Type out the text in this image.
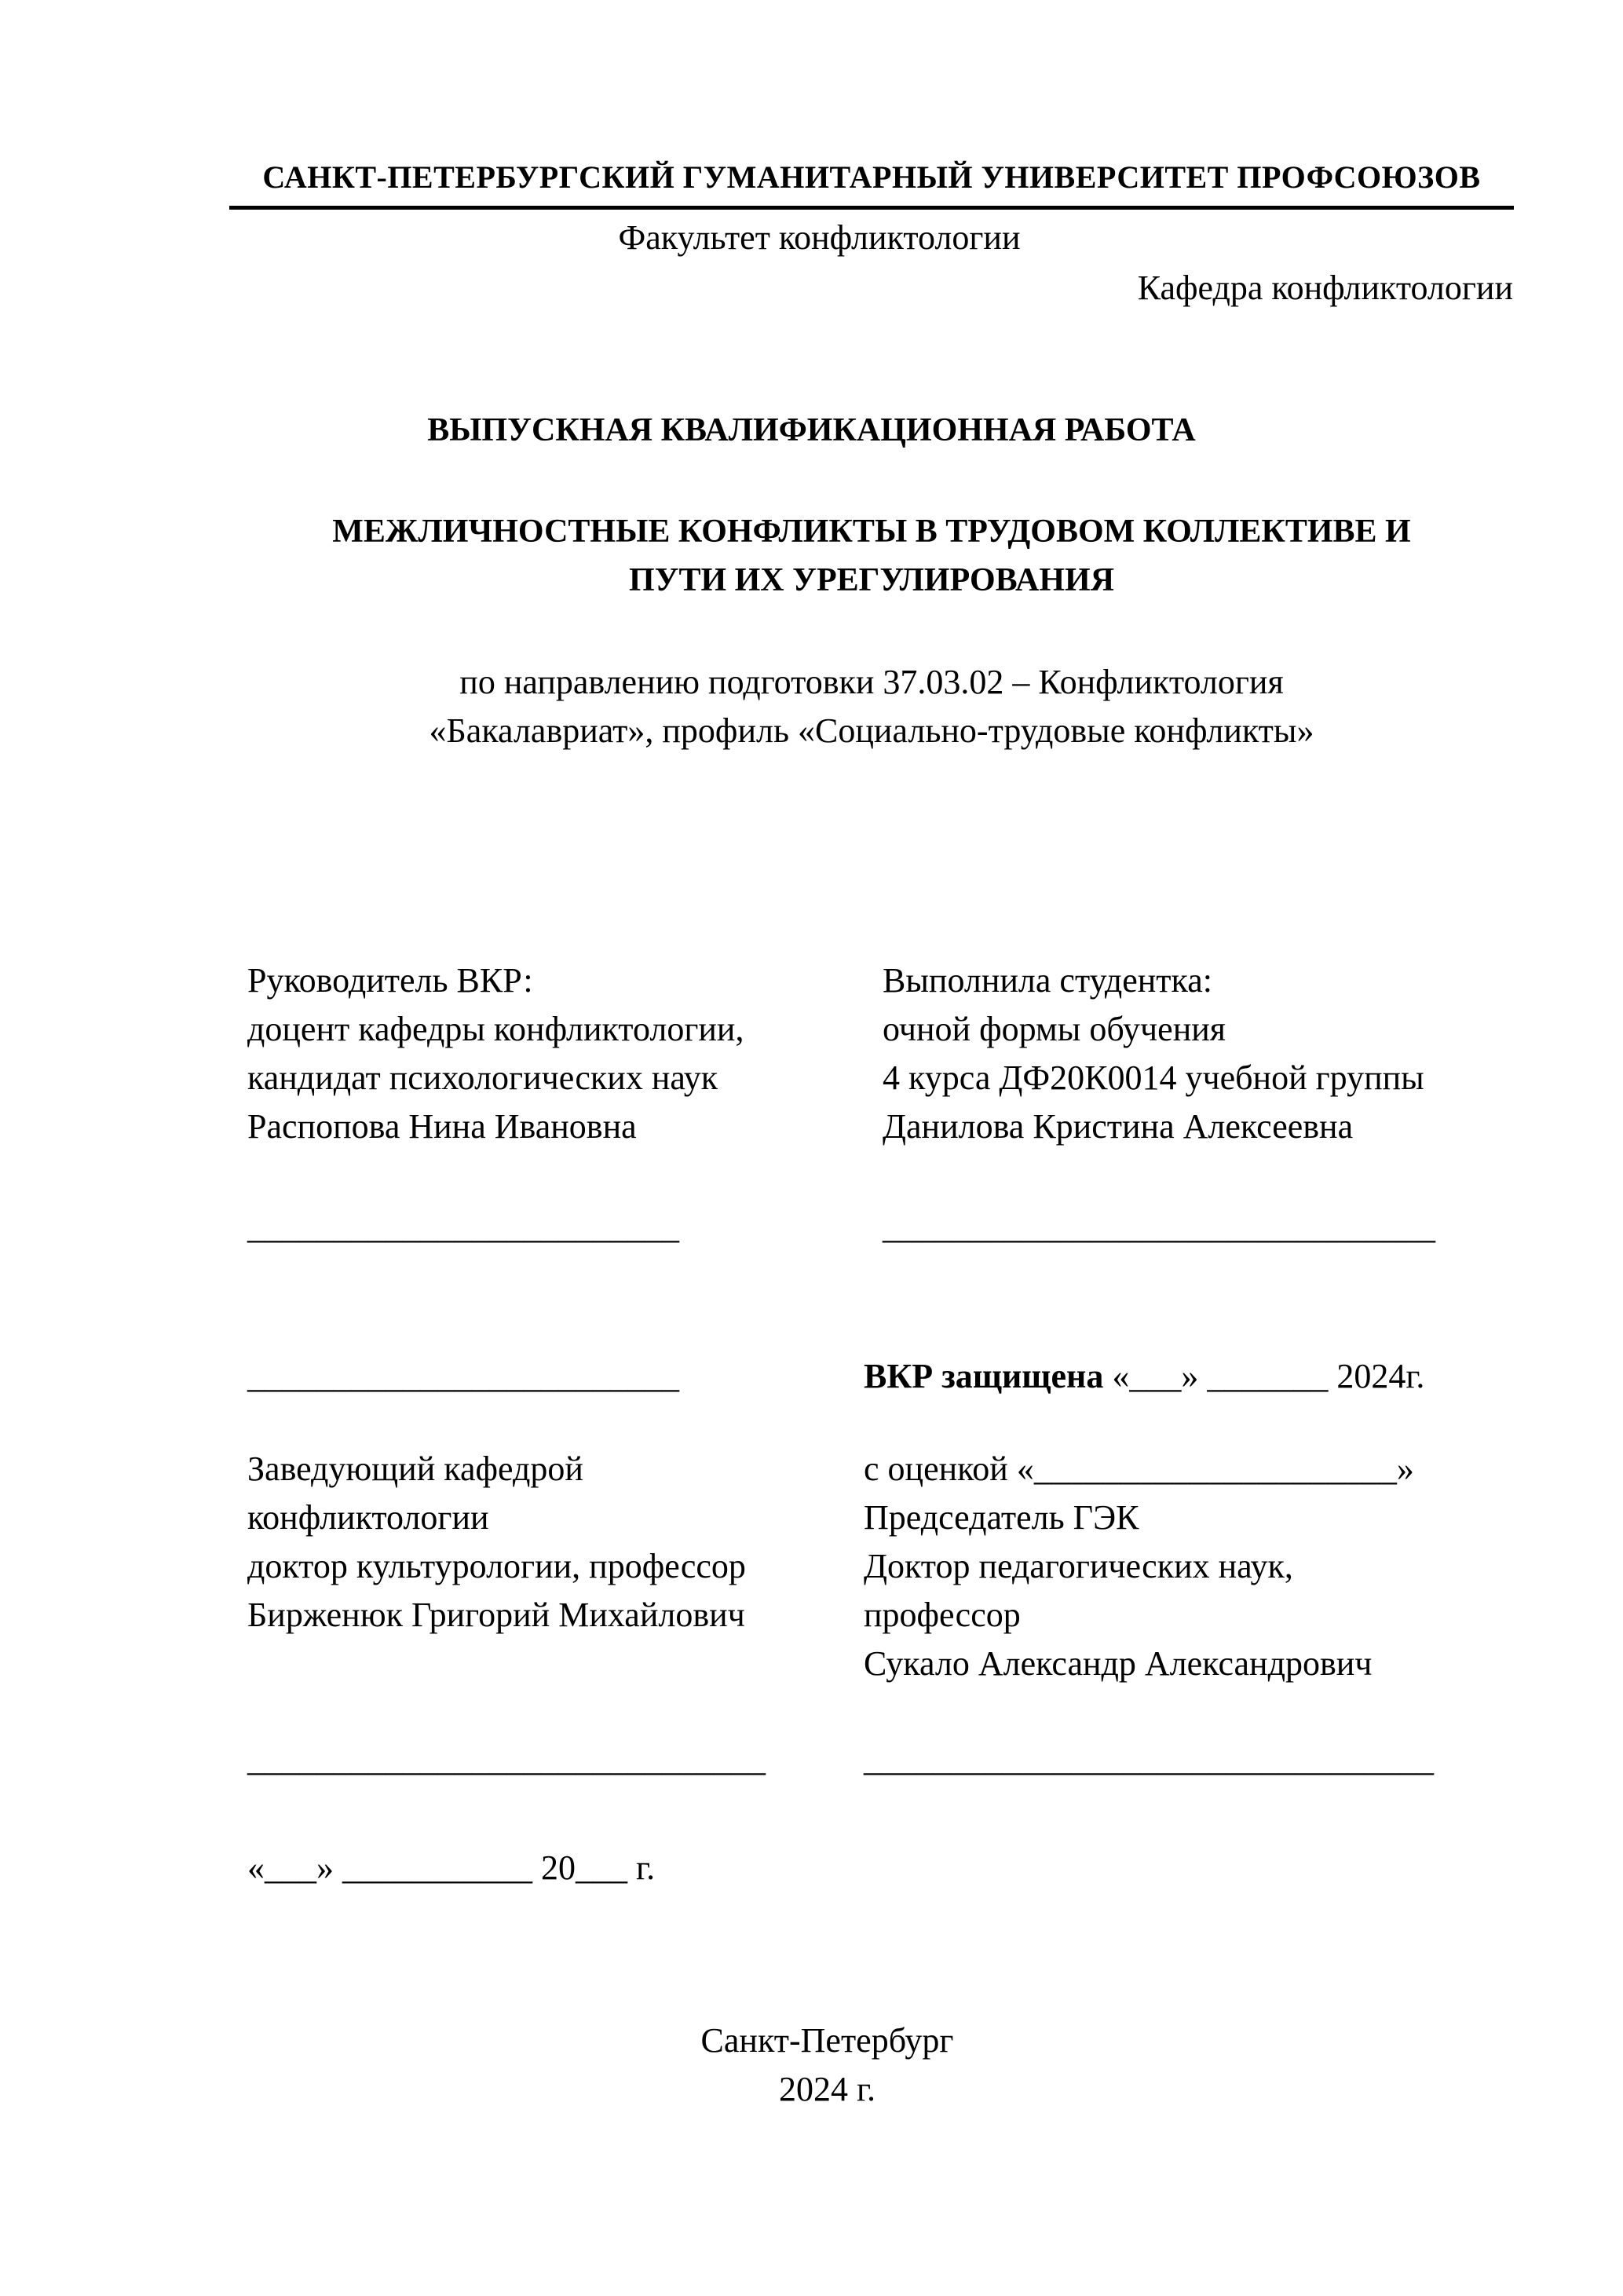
САНКТ-ПЕТЕРБУРГСКИЙ ГУМАНИТАРНЫЙ УНИВЕРСИТЕТ ПРОФСОЮЗОВ
Факультет конфликтологии
Кафедра конфликтологии
ВЫПУСКНАЯ КВАЛИФИКАЦИОННАЯ РАБОТА
МЕЖЛИЧНОСТНЫЕ КОНФЛИКТЫ В ТРУДОВОМ КОЛЛЕКТИВЕ И
ПУТИ ИХ УРЕГУЛИРОВАНИЯ
по направлению подготовки 37.03.02 – Конфликтология
«Бакалавриат», профиль «Социально-трудовые конфликты»
Руководитель ВКР:
доцент кафедры конфликтологии,
кандидат психологических наук
Распопова Нина Ивановна
_________________________
Выполнила студентка:
очной формы обучения
4 курса ДФ20К0014 учебной группы
Данилова Кристина Алексеевна
________________________________
_________________________	ВКР защищена «___» _______ 2024г.
Заведующий кафедрой
конфликтологии
доктор культурологии, профессор
Бирженюк Григорий Михайлович
с оценкой «_____________________»
Председатель ГЭК
Доктор педагогических наук,
профессор
Сукало Александр Александрович
______________________________	_________________________________
«___» ___________ 20___ г.
Санкт-Петербург
2024 г.
